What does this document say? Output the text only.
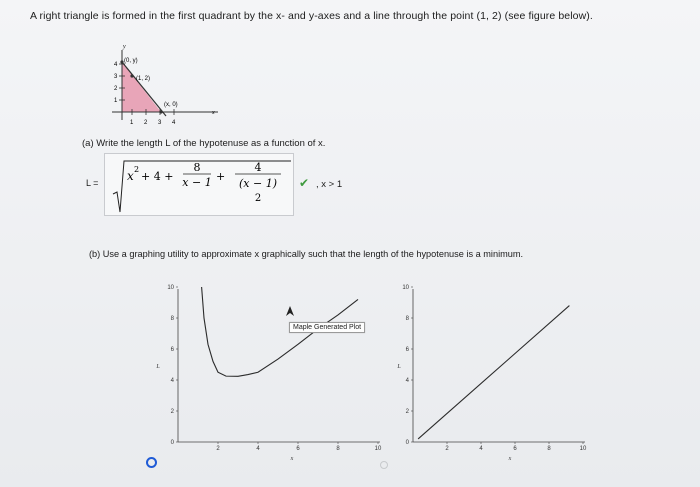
A right triangle is formed in the first quadrant by the x- and y-axes and a line through the point (1, 2) (see figure below).
y
x
(0, y)
(1, 2)
(x, 0)
1
2
3
4
1 2 3 4
(a) Write the length L of the hypotenuse as a function of x.
L = x 2
+ 4 +
8
x − 1 +
4
(x − 1)
2
✔ , x > 1
(b) Use a graphing utility to approximate x graphically such that the length of the hypotenuse is a minimum.
0
2
4
6
8
10
2	4	6	8	10
x
L
Maple Generated Plot
0
2
4
6
8
10
2	4	6	8	10
x
L
